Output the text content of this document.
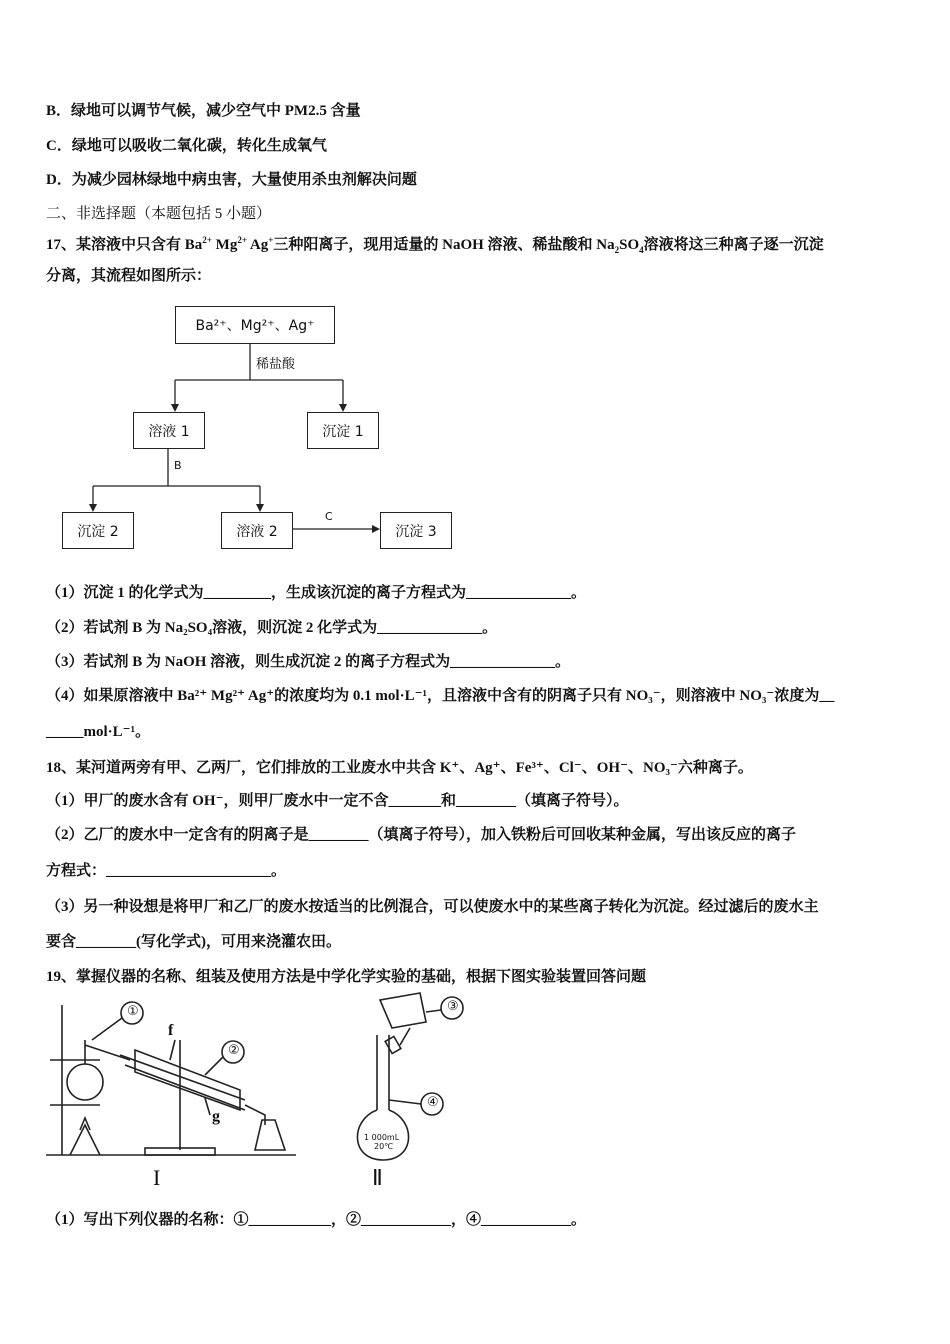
B．绿地可以调节气候，减少空气中 PM2.5 含量
C．绿地可以吸收二氧化碳，转化生成氧气
D．为减少园林绿地中病虫害，大量使用杀虫剂解决问题
二、非选择题（本题包括 5 小题）
17、某溶液中只含有 $Ba^{2+}$ $Mg^{2+}$ Ag+三种阳离子，现用适量的 NaOH 溶液、稀盐酸和 $Na_2SO_4$溶液将这三种离子逐一沉淀
分离，其流程如图所示：
Ba²⁺、Mg²⁺、Ag⁺
稀盐酸
溶液 1	沉淀 1
B
沉淀 2	溶液 2
C
沉淀 3
（1）沉淀 1 的化学式为_________，生成该沉淀的离子方程式为______________。
（2）若试剂 B 为 Na₂SO₄溶液，则沉淀 2 化学式为______________。
（3）若试剂 B 为 NaOH 溶液，则生成沉淀 2 的离子方程式为______________。
（4）如果原溶液中 Ba²⁺ Mg²⁺ Ag⁺的浓度均为 0.1 mol·L⁻¹，且溶液中含有的阴离子只有 NO₃⁻，则溶液中 NO₃⁻浓度为__
_____mol·L⁻¹。
18、某河道两旁有甲、乙两厂，它们排放的工业废水中共含 K⁺、Ag⁺、Fe³⁺、Cl⁻、OH⁻、NO₃⁻六种离子。
（1）甲厂的废水含有 OH⁻，则甲厂废水中一定不含_______和________（填离子符号）。
（2）乙厂的废水中一定含有的阴离子是________（填离子符号），加入铁粉后可回收某种金属，写出该反应的离子
方程式：______________________。
（3）另一种设想是将甲厂和乙厂的废水按适当的比例混合，可以使废水中的某些离子转化为沉淀。经过滤后的废水主
要含________(写化学式)，可用来浇灌农田。
19、掌握仪器的名称、组装及使用方法是中学化学实验的基础，根据下图实验装置回答问题
①
②
③
④
f
g
1 000mL
20℃
I	Ⅱ
（1）写出下列仪器的名称：①___________，②____________，④____________。
